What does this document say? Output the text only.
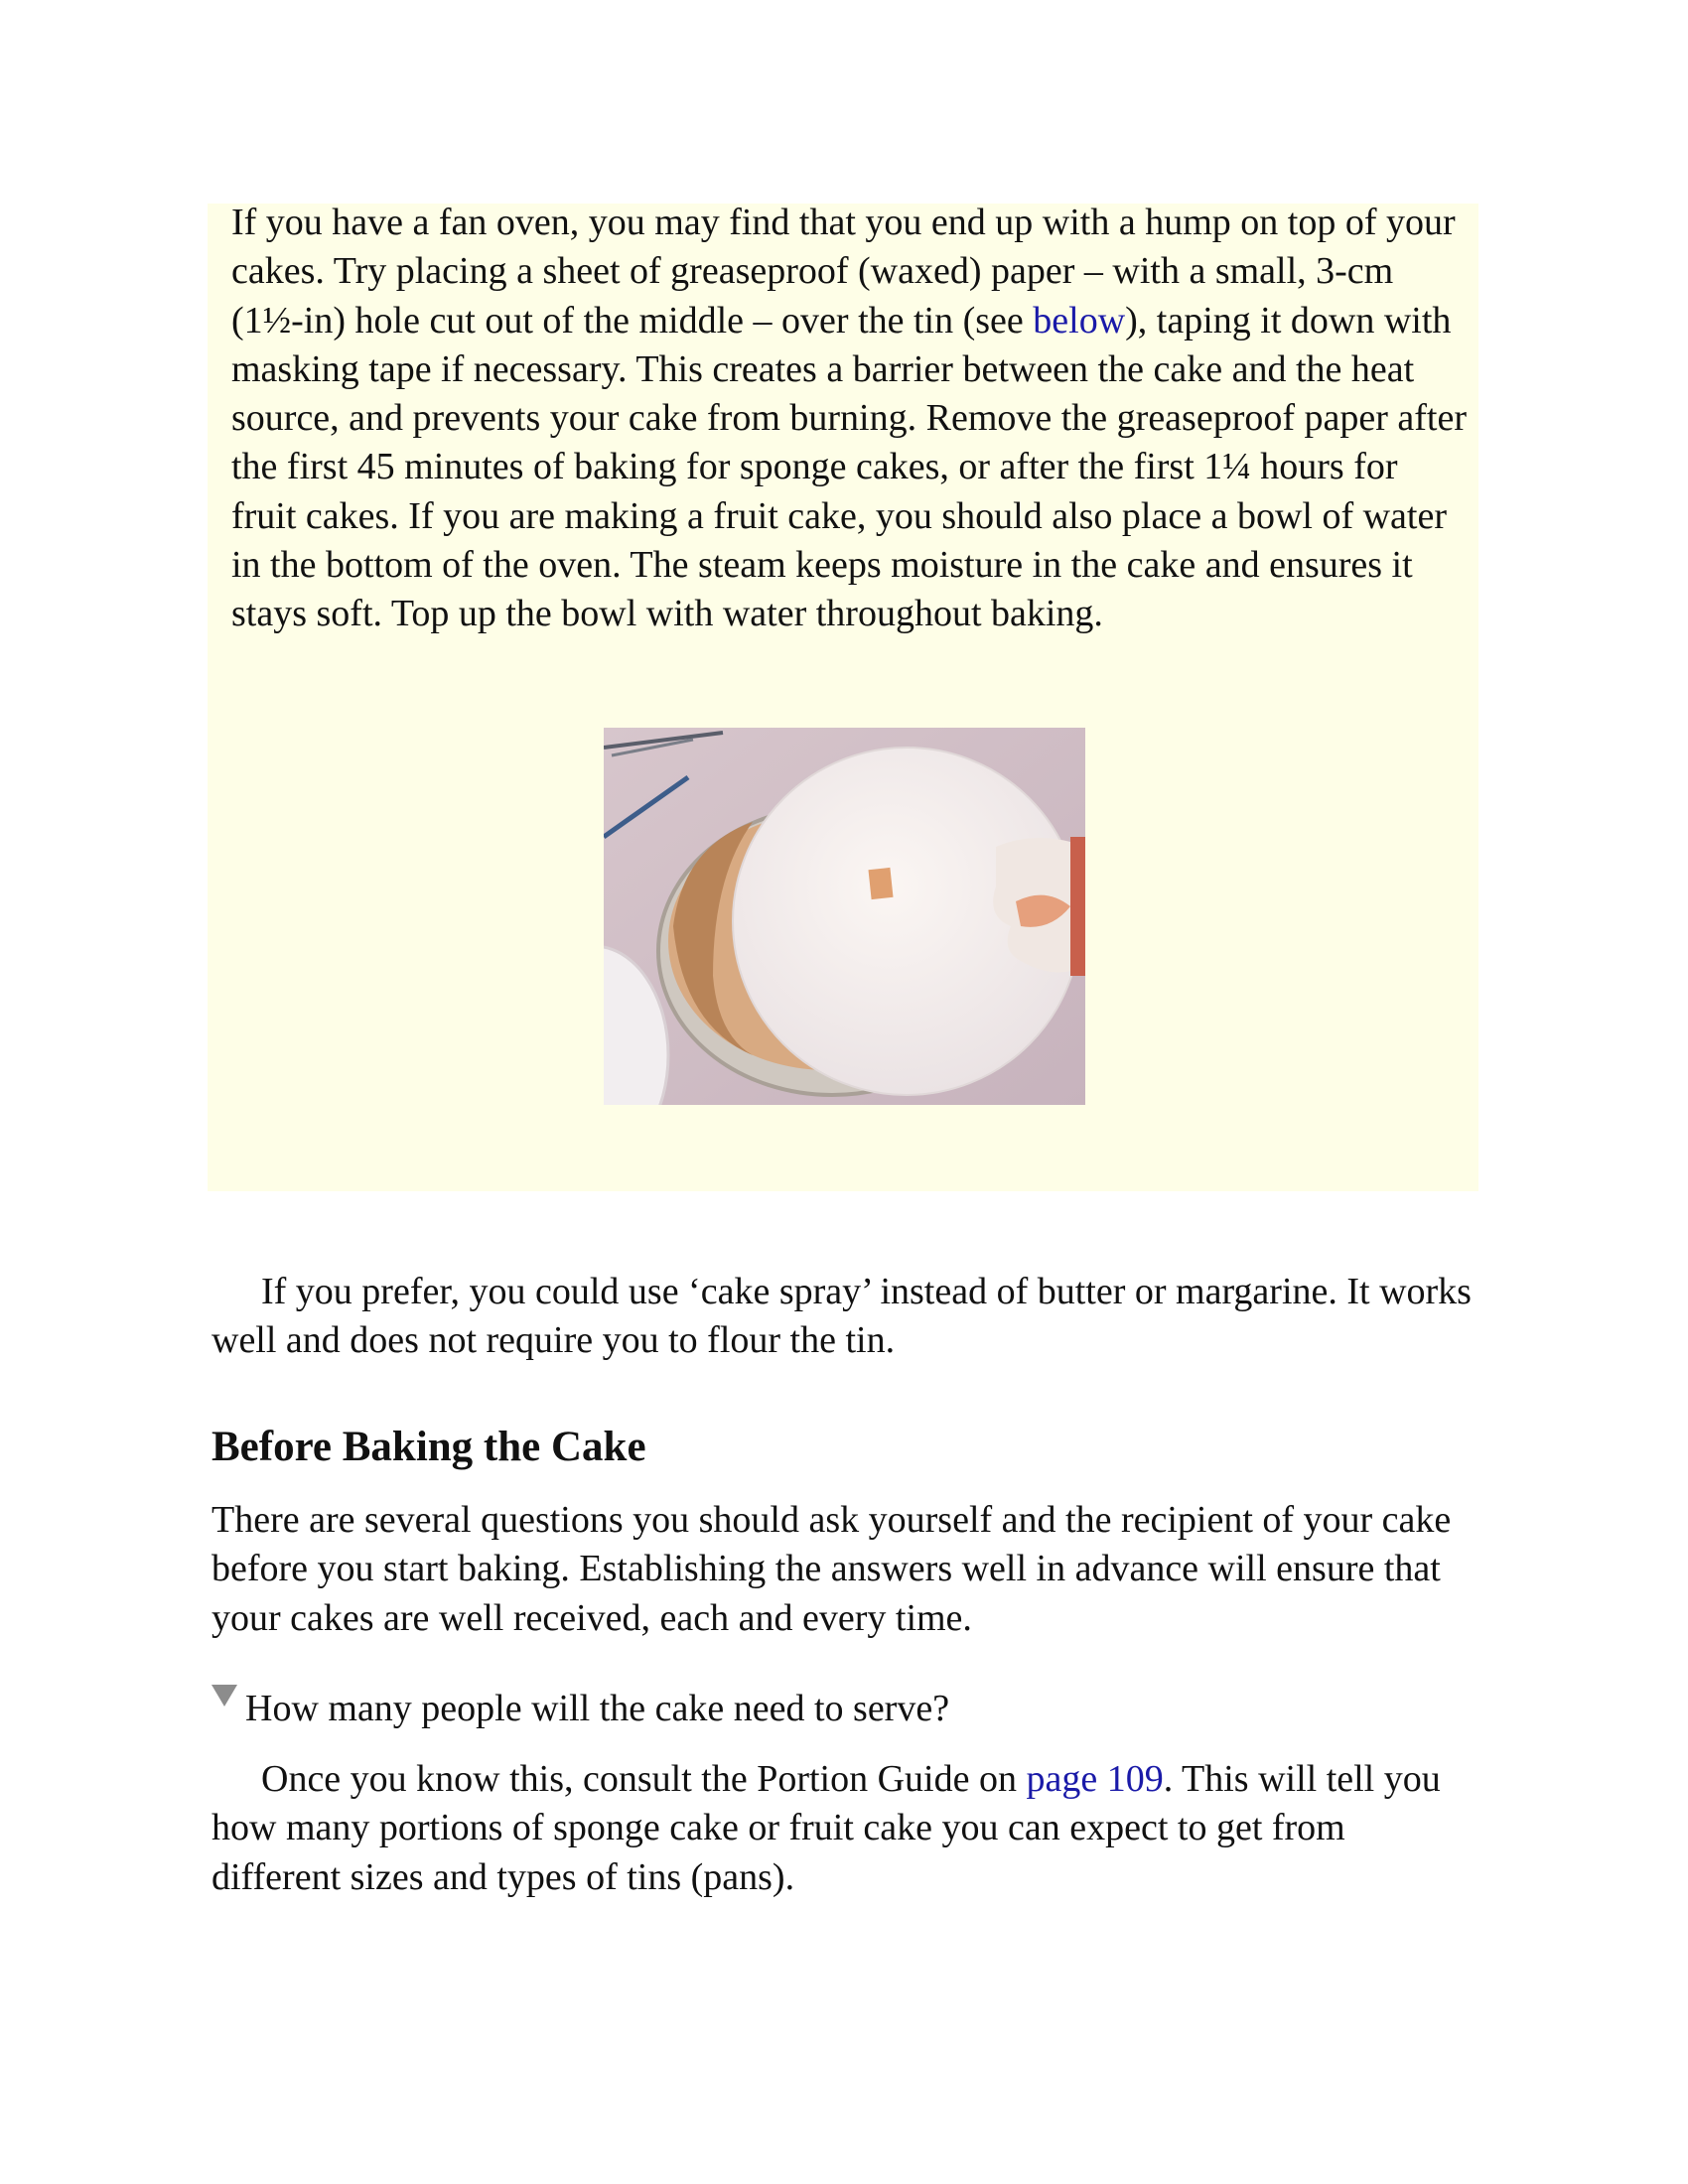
If you have a fan oven, you may find that you end up with a hump on top of your cakes. Try placing a sheet of greaseproof (waxed) paper – with a small, 3-cm (1½-in) hole cut out of the middle – over the tin (see below), taping it down with masking tape if necessary. This creates a barrier between the cake and the heat source, and prevents your cake from burning. Remove the greaseproof paper after the first 45 minutes of baking for sponge cakes, or after the first 1¼ hours for fruit cakes. If you are making a fruit cake, you should also place a bowl of water in the bottom of the oven. The steam keeps moisture in the cake and ensures it stays soft. Top up the bowl with water throughout baking.

If you prefer, you could use ‘cake spray’ instead of butter or margarine. It works well and does not require you to flour the tin.

Before Baking the Cake

There are several questions you should ask yourself and the recipient of your cake before you start baking. Establishing the answers well in advance will ensure that your cakes are well received, each and every time.

How many people will the cake need to serve?

Once you know this, consult the Portion Guide on page 109. This will tell you how many portions of sponge cake or fruit cake you can expect to get from different sizes and types of tins (pans).
